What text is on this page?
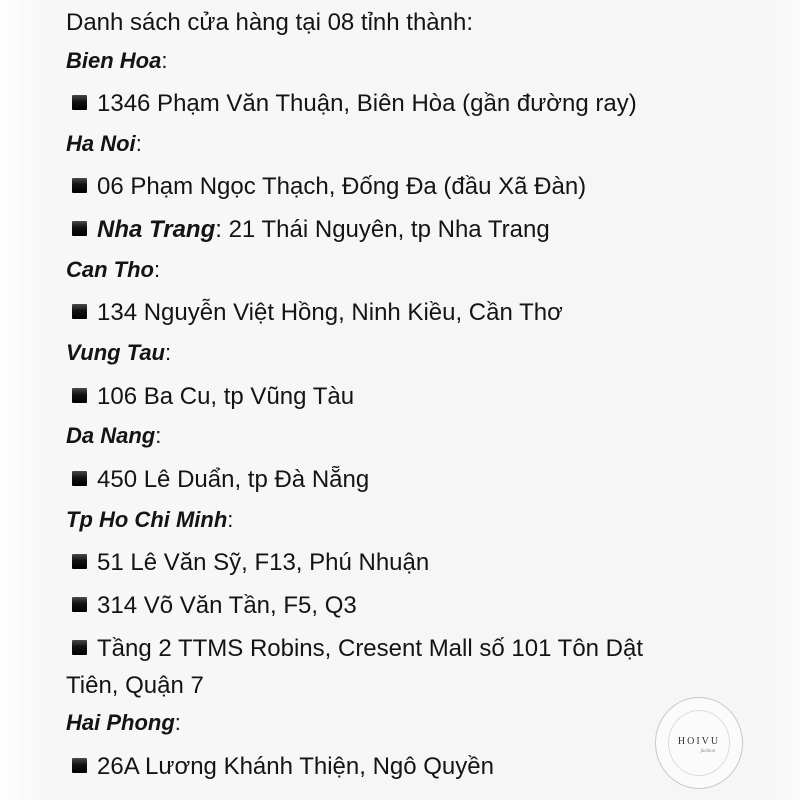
Danh sách cửa hàng tại 08 tỉnh thành:
Bien Hoa:
1346 Phạm Văn Thuận, Biên Hòa (gần đường ray)
Ha Noi:
06 Phạm Ngọc Thạch, Đống Đa (đầu Xã Đàn)
Nha Trang: 21 Thái Nguyên, tp Nha Trang
Can Tho:
134 Nguyễn Việt Hồng, Ninh Kiều, Cần Thơ
Vung Tau:
106 Ba Cu, tp Vũng Tàu
Da Nang:
450 Lê Duẩn, tp Đà Nẵng
Tp Ho Chi Minh:
51 Lê Văn Sỹ, F13, Phú Nhuận
314 Võ Văn Tần, F5, Q3
Tầng 2 TTMS Robins, Cresent Mall số 101 Tôn Dật
Tiên, Quận 7
Hai Phong:
26A Lương Khánh Thiện, Ngô Quyền
HOIVU
fashion
